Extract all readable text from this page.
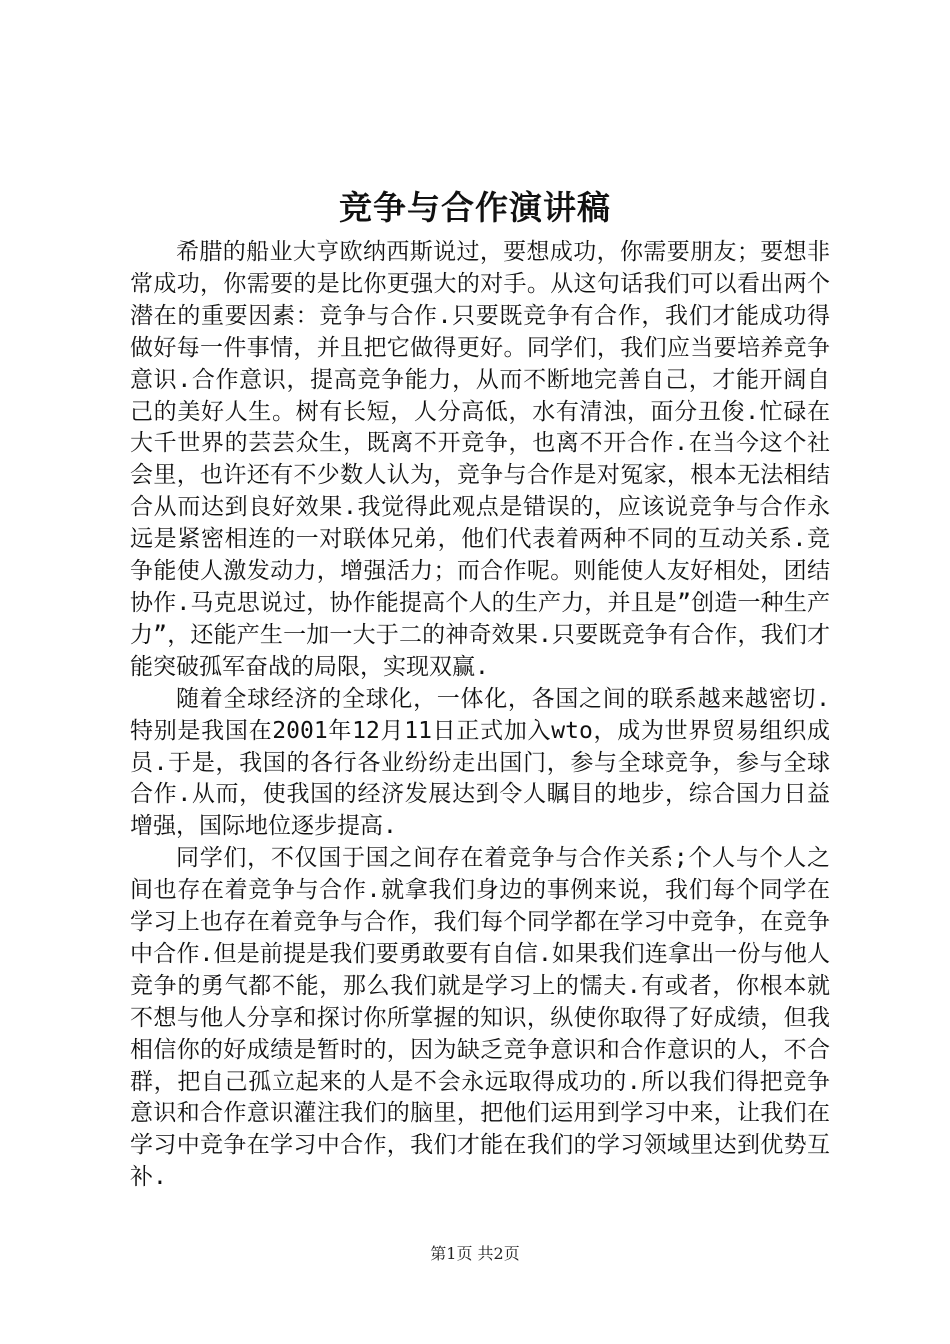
竞争与合作演讲稿

希腊的船业大亨欧纳西斯说过，要想成功，你需要朋友；要想非常成功，你需要的是比你更强大的对手。从这句话我们可以看出两个潜在的重要因素：竞争与合作.只要既竞争有合作，我们才能成功得做好每一件事情，并且把它做得更好。同学们，我们应当要培养竞争意识.合作意识，提高竞争能力，从而不断地完善自己，才能开阔自己的美好人生。树有长短，人分高低，水有清浊，面分丑俊.忙碌在大千世界的芸芸众生，既离不开竞争，也离不开合作.在当今这个社会里，也许还有不少数人认为，竞争与合作是对冤家，根本无法相结合从而达到良好效果.我觉得此观点是错误的，应该说竞争与合作永远是紧密相连的一对联体兄弟，他们代表着两种不同的互动关系.竞争能使人激发动力，增强活力；而合作呢。则能使人友好相处，团结协作.马克思说过，协作能提高个人的生产力，并且是”创造一种生产力”，还能产生一加一大于二的神奇效果.只要既竞争有合作，我们才能突破孤军奋战的局限，实现双赢.

随着全球经济的全球化，一体化，各国之间的联系越来越密切.特别是我国在2001年12月11日正式加入wto，成为世界贸易组织成员.于是，我国的各行各业纷纷走出国门，参与全球竞争，参与全球合作.从而，使我国的经济发展达到令人瞩目的地步，综合国力日益增强，国际地位逐步提高.

同学们，不仅国于国之间存在着竞争与合作关系;个人与个人之间也存在着竞争与合作.就拿我们身边的事例来说，我们每个同学在学习上也存在着竞争与合作，我们每个同学都在学习中竞争，在竞争中合作.但是前提是我们要勇敢要有自信.如果我们连拿出一份与他人竞争的勇气都不能，那么我们就是学习上的懦夫.有或者，你根本就不想与他人分享和探讨你所掌握的知识，纵使你取得了好成绩，但我相信你的好成绩是暂时的，因为缺乏竞争意识和合作意识的人，不合群，把自己孤立起来的人是不会永远取得成功的.所以我们得把竞争意识和合作意识灌注我们的脑里，把他们运用到学习中来，让我们在学习中竞争在学习中合作，我们才能在我们的学习领域里达到优势互补.

第1页 共2页
